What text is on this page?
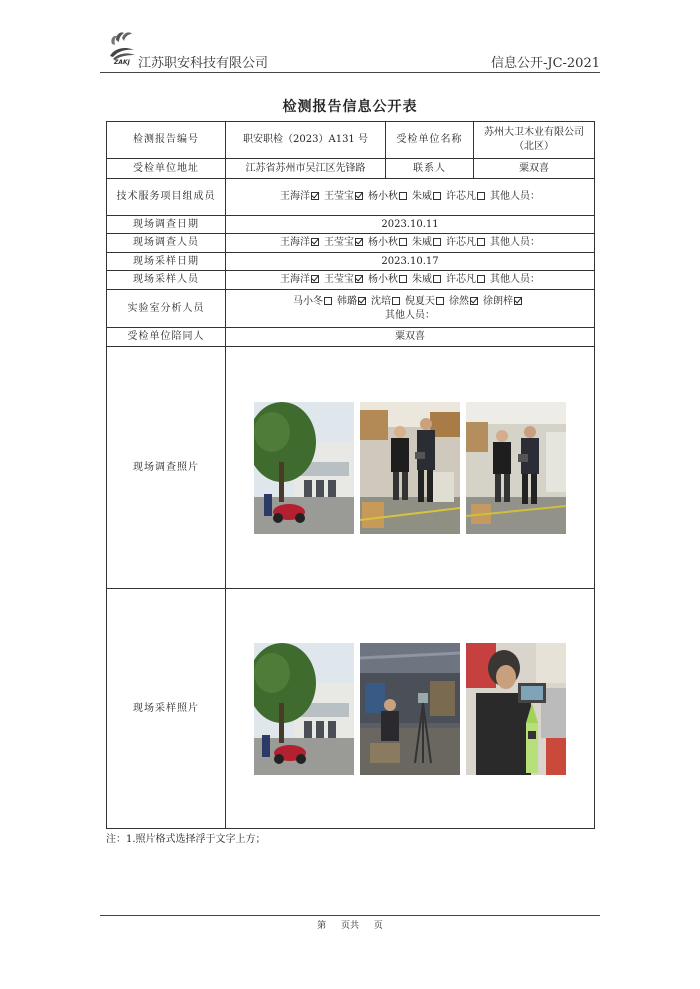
ZAKJ 江苏职安科技有限公司	信息公开-JC-2021
检测报告信息公开表
检测报告编号	职安职检（2023）A131 号	受检单位名称	苏州大卫木业有限公司（北区）
受检单位地址	江苏省苏州市吴江区先锋路	联系人	粟双喜
技术服务项目组成员	王海洋 王莹宝 杨小秋 朱威 许芯凡 其他人员：		
现场调查日期	2023.10.11		
现场调查人员	王海洋 王莹宝 杨小秋 朱威 许芯凡 其他人员：		
现场采样日期	2023.10.17		
现场采样人员	王海洋 王莹宝 杨小秋 朱威 许芯凡 其他人员：		
实验室分析人员	马小冬 韩璐 沈培 倪夏天 徐然 徐朗梓
其他人员：		

受检单位陪同人	粟双喜		
现场调查照片	

现场采样照片	
注：1.照片格式选择浮于文字上方；
第 页共 页
